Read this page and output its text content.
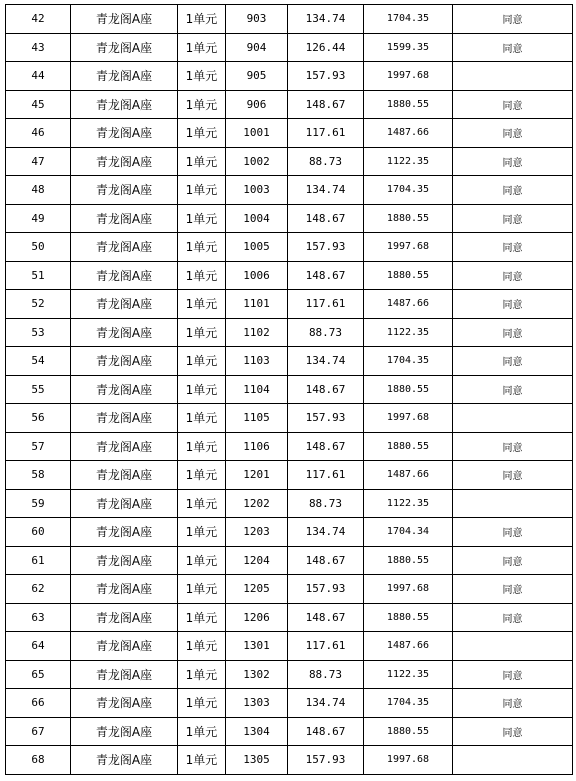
42	青龙阁A座	1单元	903	134.74	1704.35	同意
43	青龙阁A座	1单元	904	126.44	1599.35	同意
44	青龙阁A座	1单元	905	157.93	1997.68	
45	青龙阁A座	1单元	906	148.67	1880.55	同意
46	青龙阁A座	1单元	1001	117.61	1487.66	同意
47	青龙阁A座	1单元	1002	88.73	1122.35	同意
48	青龙阁A座	1单元	1003	134.74	1704.35	同意
49	青龙阁A座	1单元	1004	148.67	1880.55	同意
50	青龙阁A座	1单元	1005	157.93	1997.68	同意
51	青龙阁A座	1单元	1006	148.67	1880.55	同意
52	青龙阁A座	1单元	1101	117.61	1487.66	同意
53	青龙阁A座	1单元	1102	88.73	1122.35	同意
54	青龙阁A座	1单元	1103	134.74	1704.35	同意
55	青龙阁A座	1单元	1104	148.67	1880.55	同意
56	青龙阁A座	1单元	1105	157.93	1997.68	
57	青龙阁A座	1单元	1106	148.67	1880.55	同意
58	青龙阁A座	1单元	1201	117.61	1487.66	同意
59	青龙阁A座	1单元	1202	88.73	1122.35	
60	青龙阁A座	1单元	1203	134.74	1704.34	同意
61	青龙阁A座	1单元	1204	148.67	1880.55	同意
62	青龙阁A座	1单元	1205	157.93	1997.68	同意
63	青龙阁A座	1单元	1206	148.67	1880.55	同意
64	青龙阁A座	1单元	1301	117.61	1487.66	
65	青龙阁A座	1单元	1302	88.73	1122.35	同意
66	青龙阁A座	1单元	1303	134.74	1704.35	同意
67	青龙阁A座	1单元	1304	148.67	1880.55	同意
68	青龙阁A座	1单元	1305	157.93	1997.68	
